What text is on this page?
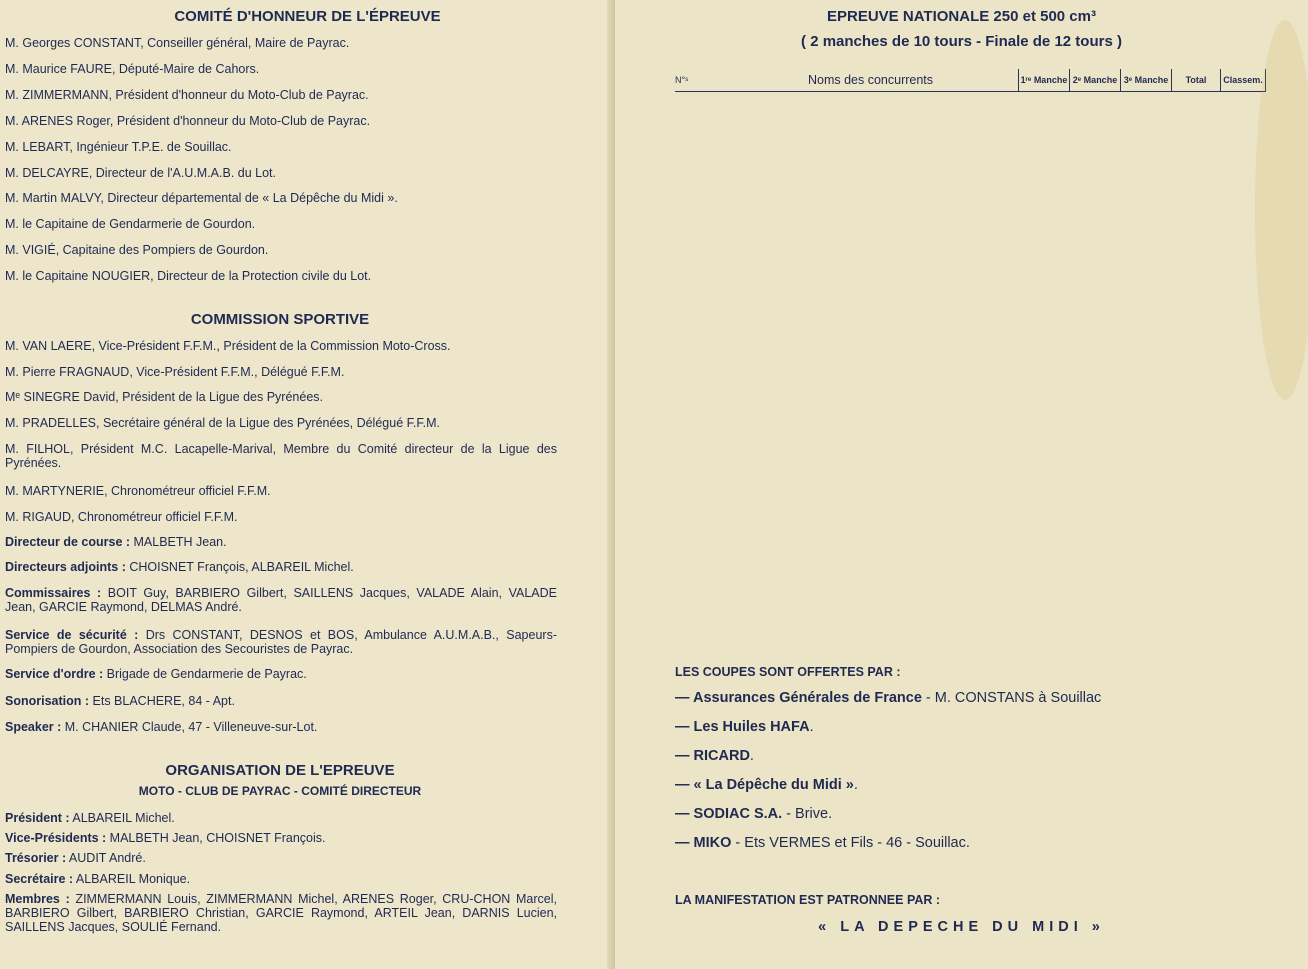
COMITÉ D'HONNEUR DE L'ÉPREUVE
M. Georges CONSTANT, Conseiller général, Maire de Payrac.
M. Maurice FAURE, Député-Maire de Cahors.
M. ZIMMERMANN, Président d'honneur du Moto-Club de Payrac.
M. ARENES Roger, Président d'honneur du Moto-Club de Payrac.
M. LEBART, Ingénieur T.P.E. de Souillac.
M. DELCAYRE, Directeur de l'A.U.M.A.B. du Lot.
M. Martin MALVY, Directeur départemental de « La Dépêche du Midi ».
M. le Capitaine de Gendarmerie de Gourdon.
M. VIGIÉ, Capitaine des Pompiers de Gourdon.
M. le Capitaine NOUGIER, Directeur de la Protection civile du Lot.
COMMISSION SPORTIVE
M. VAN LAERE, Vice-Président F.F.M., Président de la Commission Moto-Cross.
M. Pierre FRAGNAUD, Vice-Président F.F.M., Délégué F.F.M.
Mᵉ SINEGRE David, Président de la Ligue des Pyrénées.
M. PRADELLES, Secrétaire général de la Ligue des Pyrénées, Délégué F.F.M.
M. FILHOL, Président M.C. Lacapelle-Marival, Membre du Comité directeur de la Ligue des Pyrénées.
M. MARTYNERIE, Chronométreur officiel F.F.M.
M. RIGAUD, Chronométreur officiel F.F.M.
Directeur de course : MALBETH Jean.
Directeurs adjoints : CHOISNET François, ALBAREIL Michel.
Commissaires : BOIT Guy, BARBIERO Gilbert, SAILLENS Jacques, VALADE Alain, VALADE Jean, GARCIE Raymond, DELMAS André.
Service de sécurité : Drs CONSTANT, DESNOS et BOS, Ambulance A.U.M.A.B., Sapeurs-Pompiers de Gourdon, Association des Secouristes de Payrac.
Service d'ordre : Brigade de Gendarmerie de Payrac.
Sonorisation : Ets BLACHERE, 84 - Apt.
Speaker : M. CHANIER Claude, 47 - Villeneuve-sur-Lot.
ORGANISATION DE L'EPREUVE
MOTO - CLUB DE PAYRAC - COMITÉ DIRECTEUR
Président : ALBAREIL Michel.
Vice-Présidents : MALBETH Jean, CHOISNET François.
Trésorier : AUDIT André.
Secrétaire : ALBAREIL Monique.
Membres : ZIMMERMANN Louis, ZIMMERMANN Michel, ARENES Roger, CRU-CHON Marcel, BARBIERO Gilbert, BARBIERO Christian, GARCIE Raymond, ARTEIL Jean, DARNIS Lucien, SAILLENS Jacques, SOULIÉ Fernand.
EPREUVE NATIONALE 250 et 500 cm³
( 2 manches de 10 tours - Finale de 12 tours )
N°ˢ	Noms des concurrents	1ʳᵉ Manche	2ᵉ Manche	3ᵉ Manche	Total	Classem.
LES COUPES SONT OFFERTES PAR :
— Assurances Générales de France - M. CONSTANS à Souillac
— Les Huiles HAFA.
— RICARD.
— « La Dépêche du Midi ».
— SODIAC S.A. - Brive.
— MIKO - Ets VERMES et Fils - 46 - Souillac.
LA MANIFESTATION EST PATRONNEE PAR :
« LA DEPECHE DU MIDI »
